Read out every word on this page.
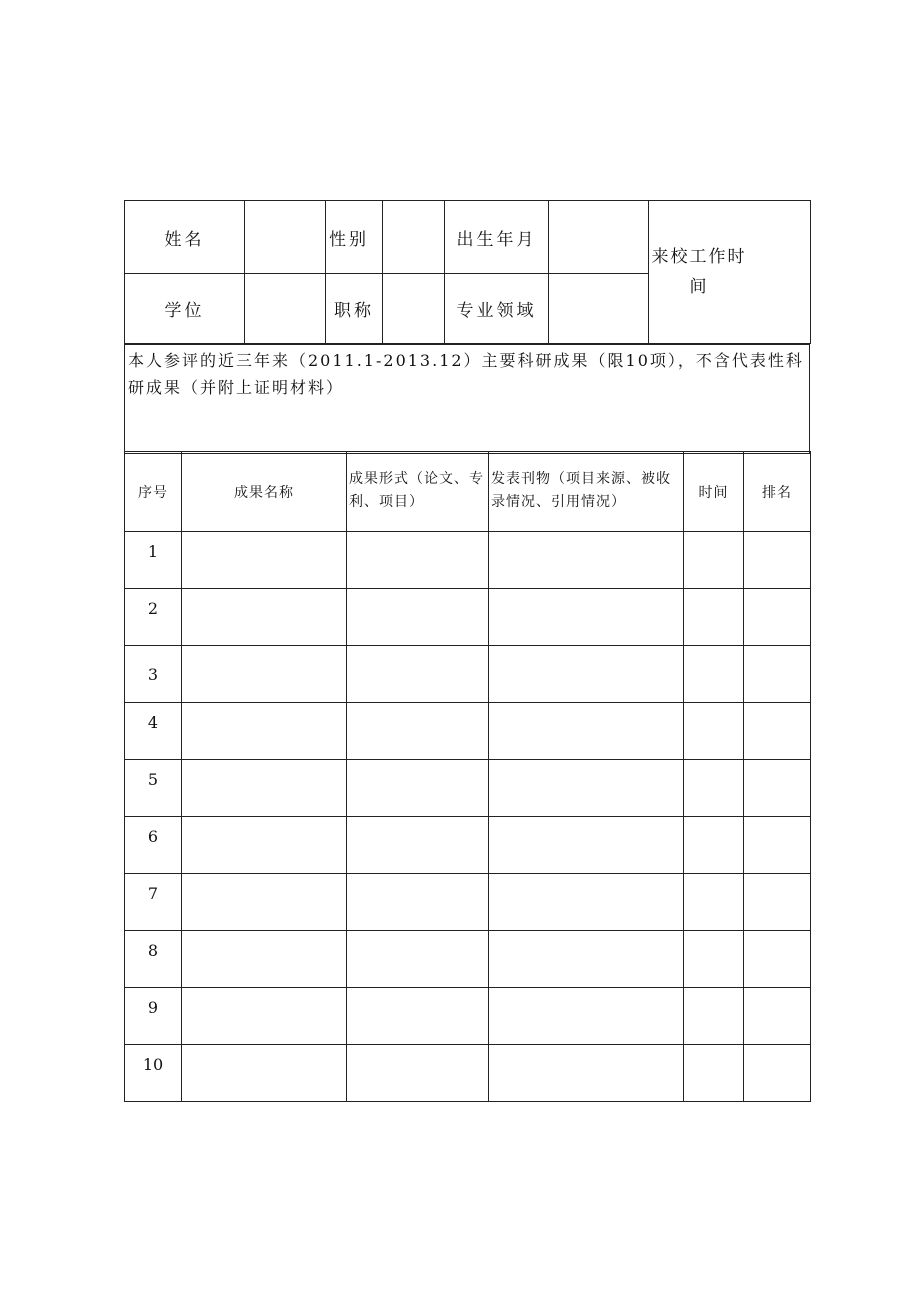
姓名		性别		出生年月		来校工作时间

学位		职称		专业领域		
本人参评的近三年来（2011.1-2013.12）主要科研成果（限10项），不含代表性科研成果（并附上证明材料）
序号	成果名称	成果形式（论文、专利、项目）	发表刊物（项目来源、被收录情况、引用情况）	时间	排名
1					
2					
3					
4					
5					
6					
7					
8					
9					
10					
